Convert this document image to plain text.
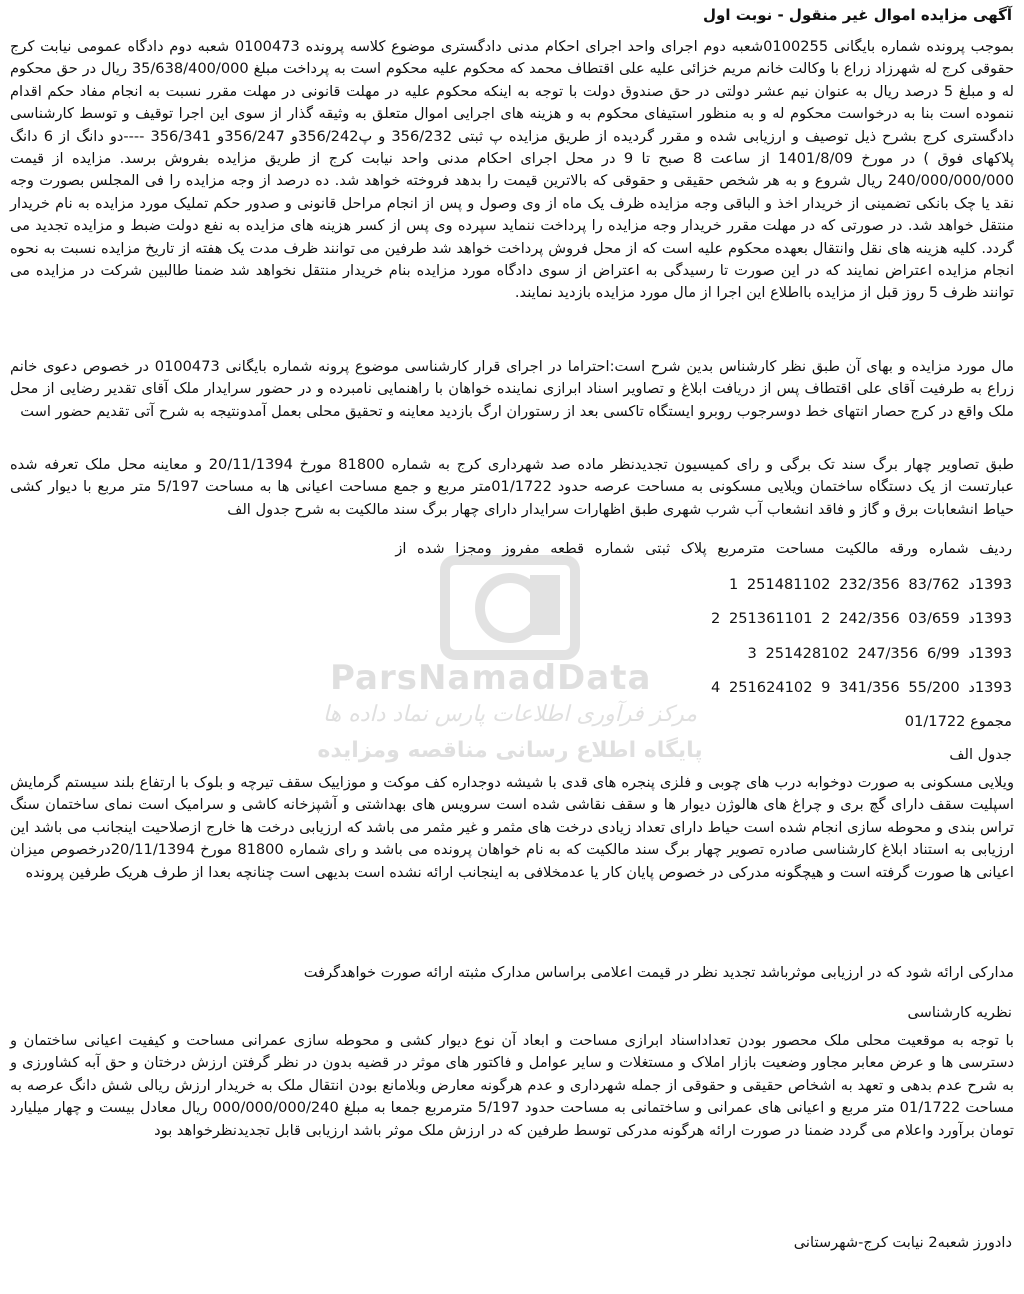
ParsNamadData
مرکز فرآوری اطلاعات پارس نماد داده ها
پایگاه اطلاع رسانی مناقصه ومزایده
آگهی مزایده اموال غیر منقول - نوبت اول
بموجب پرونده شماره بایگانی 0100255شعبه دوم اجرای واحد اجرای احکام مدنی دادگستری موضوع کلاسه پرونده 0100473 شعبه دوم دادگاه عمومی نیابت کرج حقوقی کرج له شهرزاد زراع با وکالت خانم مریم خزائی علیه علی اقتطاف محمد که محکوم علیه محکوم است به پرداخت مبلغ 35/638/400/000 ریال در حق محکوم له و مبلغ 5 درصد ریال به عنوان نیم عشر دولتی در حق صندوق دولت با توجه به اینکه محکوم علیه در مهلت قانونی در مهلت مقرر نسبت به انجام مفاد حکم اقدام ننموده است بنا به درخواست محکوم له و به منظور استیفای محکوم به و هزینه های اجرایی اموال متعلق به وثیقه گذار از سوی این اجرا توقیف و توسط کارشناسی دادگستری کرج بشرح ذیل توصیف و ارزیابی شده و مقرر گردیده از طریق مزایده پ ثبتی 356/232 و پ356/242و 356/247و 356/341 ----دو دانگ از 6 دانگ پلاکهای فوق ) در مورخ 1401/8/09 از ساعت 8 صبح تا 9 در محل اجرای احکام مدنی واحد نیابت کرج از طریق مزایده بفروش برسد. مزایده از قیمت 240/000/000/000 ریال شروع و به هر شخص حقیقی و حقوقی که بالاترین قیمت را بدهد فروخته خواهد شد. ده درصد از وجه مزایده را فی المجلس بصورت وجه نقد یا چک بانکی تضمینی از خریدار اخذ و الباقی وجه مزایده ظرف یک ماه از وی وصول و پس از انجام مراحل قانونی و صدور حکم تملیک مورد مزایده به نام خریدار منتقل خواهد شد. در صورتی که در مهلت مقرر خریدار وجه مزایده را پرداخت ننماید سپرده وی پس از کسر هزینه های مزایده به نفع دولت ضبط و مزایده تجدید می گردد. کلیه هزینه های نقل وانتقال بعهده محکوم علیه است که از محل فروش پرداخت خواهد شد طرفین می توانند ظرف مدت یک هفته از تاریخ مزایده نسبت به نحوه انجام مزایده اعتراض نمایند که در این صورت تا رسیدگی به اعتراض از سوی دادگاه مورد مزایده بنام خریدار منتقل نخواهد شد ضمنا طالبین شرکت در مزایده می توانند ظرف 5 روز قبل از مزایده بااطلاع این اجرا از مال مورد مزایده بازدید نمایند.
مال مورد مزایده و بهای آن طبق نظر کارشناس بدین شرح است:احتراما در اجرای قرار کارشناسی موضوع پرونه شماره بایگانی 0100473 در خصوص دعوی خانم زراع به طرفیت آقای علی اقتطاف پس از دریافت ابلاغ و تصاویر اسناد ابرازی نماینده خواهان با راهنمایی نامبرده و در حضور سرایدار ملک آقای تقدیر رضایی از محل ملک واقع در کرج حصار انتهای خط دوسرجوب روبرو ایستگاه تاکسی بعد از رستوران ارگ بازدید معاینه و تحقیق محلی بعمل آمدونتیجه به شرح آتی تقدیم حضور است
طبق تصاویر چهار برگ سند تک برگی و رای کمیسیون تجدیدنظر ماده صد شهرداری کرج به شماره 81800 مورخ 20/11/1394 و معاینه محل ملک تعرفه شده عبارتست از یک دستگاه ساختمان ویلایی مسکونی به مساحت عرصه حدود 01/1722متر مربع و جمع مساحت اعیانی ها به مساحت 5/197 متر مربع با دیوار کشی حیاط انشعابات برق و گاز و فاقد انشعاب آب شرب شهری طبق اظهارات سرایدار دارای چهار برگ سند مالکیت به شرح جدول الف
ردیف شماره ورقه مالکیت مساحت مترمربع پلاک ثبتی شماره قطعه مفروز ومجزا شده از
1393د 83/762 232/356 251481102 1
1393د 03/659 242/356 2 251361101 2
1393د 6/99 247/356 251428102 3
1393د 55/200 341/356 9 251624102 4
مجموع 01/1722
جدول الف
ویلایی مسکونی به صورت دوخوابه درب های چوبی و فلزی پنجره های قدی با شیشه دوجداره کف موکت و موزاییک سقف تیرچه و بلوک با ارتفاع بلند سیستم گرمایش اسپلیت سقف دارای گچ بری و چراغ های هالوژن دیوار ها و سقف نقاشی شده است سرویس های بهداشتی و آشپزخانه کاشی و سرامیک است نمای ساختمان سنگ تراس بندی و محوطه سازی انجام شده است حیاط دارای تعداد زیادی درخت های مثمر و غیر مثمر می باشد که ارزیابی درخت ها خارج ازصلاحیت اینجانب می باشد این ارزیابی به استناد ابلاغ کارشناسی صادره تصویر چهار برگ سند مالکیت که به نام خواهان پرونده می باشد و رای شماره 81800 مورخ 20/11/1394درخصوص میزان اعیانی ها صورت گرفته است و هیچگونه مدرکی در خصوص پایان کار یا عدمخلافی به اینجانب ارائه نشده است بدیهی است چنانچه بعدا از طرف هریک طرفین پرونده
مدارکی ارائه شود که در ارزیابی موثرباشد تجدید نظر در قیمت اعلامی براساس مدارک مثبته ارائه صورت خواهدگرفت
نظریه کارشناسی
با توجه به موقعیت محلی ملک محصور بودن تعداداسناد ابرازی مساحت و ابعاد آن نوع دیوار کشی و محوطه سازی عمرانی مساحت و کیفیت اعیانی ساختمان و دسترسی ها و عرض معابر مجاور وضعیت بازار املاک و مستغلات و سایر عوامل و فاکتور های موثر در قضیه بدون در نظر گرفتن ارزش درختان و حق آبه کشاورزی و به شرح عدم بدهی و تعهد به اشخاص حقیقی و حقوقی از جمله شهرداری و عدم هرگونه معارض وبلامانع بودن انتقال ملک به خریدار ارزش ریالی شش دانگ عرصه به مساحت 01/1722 متر مربع و اعیانی های عمرانی و ساختمانی به مساحت حدود 5/197 مترمربع جمعا به مبلغ 000/000/000/240 ریال معادل بیست و چهار میلیارد تومان برآورد واعلام می گردد ضمنا در صورت ارائه هرگونه مدرکی توسط طرفین که در ارزش ملک موثر باشد ارزیابی قابل تجدیدنظرخواهد بود
دادورز شعبه2 نیابت کرج-شهرستانی
